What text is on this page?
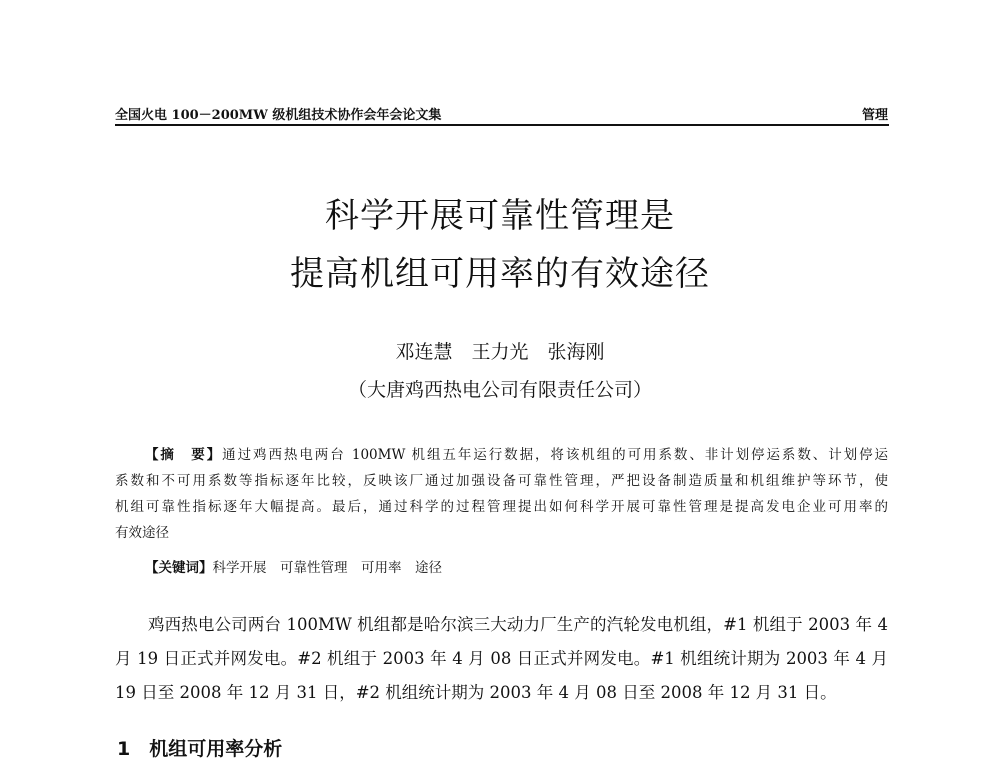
全国火电 100－200MW 级机组技术协作会年会论文集	管理
科学开展可靠性管理是
提高机组可用率的有效途径
邓连慧　王力光　张海刚
（大唐鸡西热电公司有限责任公司）
【摘　要】通过鸡西热电两台 100MW 机组五年运行数据，将该机组的可用系数、非计划停运系数、计划停运
系数和不可用系数等指标逐年比较，反映该厂通过加强设备可靠性管理，严把设备制造质量和机组维护等环节，使
机组可靠性指标逐年大幅提高。最后，通过科学的过程管理提出如何科学开展可靠性管理是提高发电企业可用率的
有效途径
【关键词】科学开展　可靠性管理　可用率　途径
鸡西热电公司两台 100MW 机组都是哈尔滨三大动力厂生产的汽轮发电机组，#1 机组于 2003 年 4
月 19 日正式并网发电。#2 机组于 2003 年 4 月 08 日正式并网发电。#1 机组统计期为 2003 年 4 月
19 日至 2008 年 12 月 31 日，#2 机组统计期为 2003 年 4 月 08 日至 2008 年 12 月 31 日。
1　机组可用率分析
